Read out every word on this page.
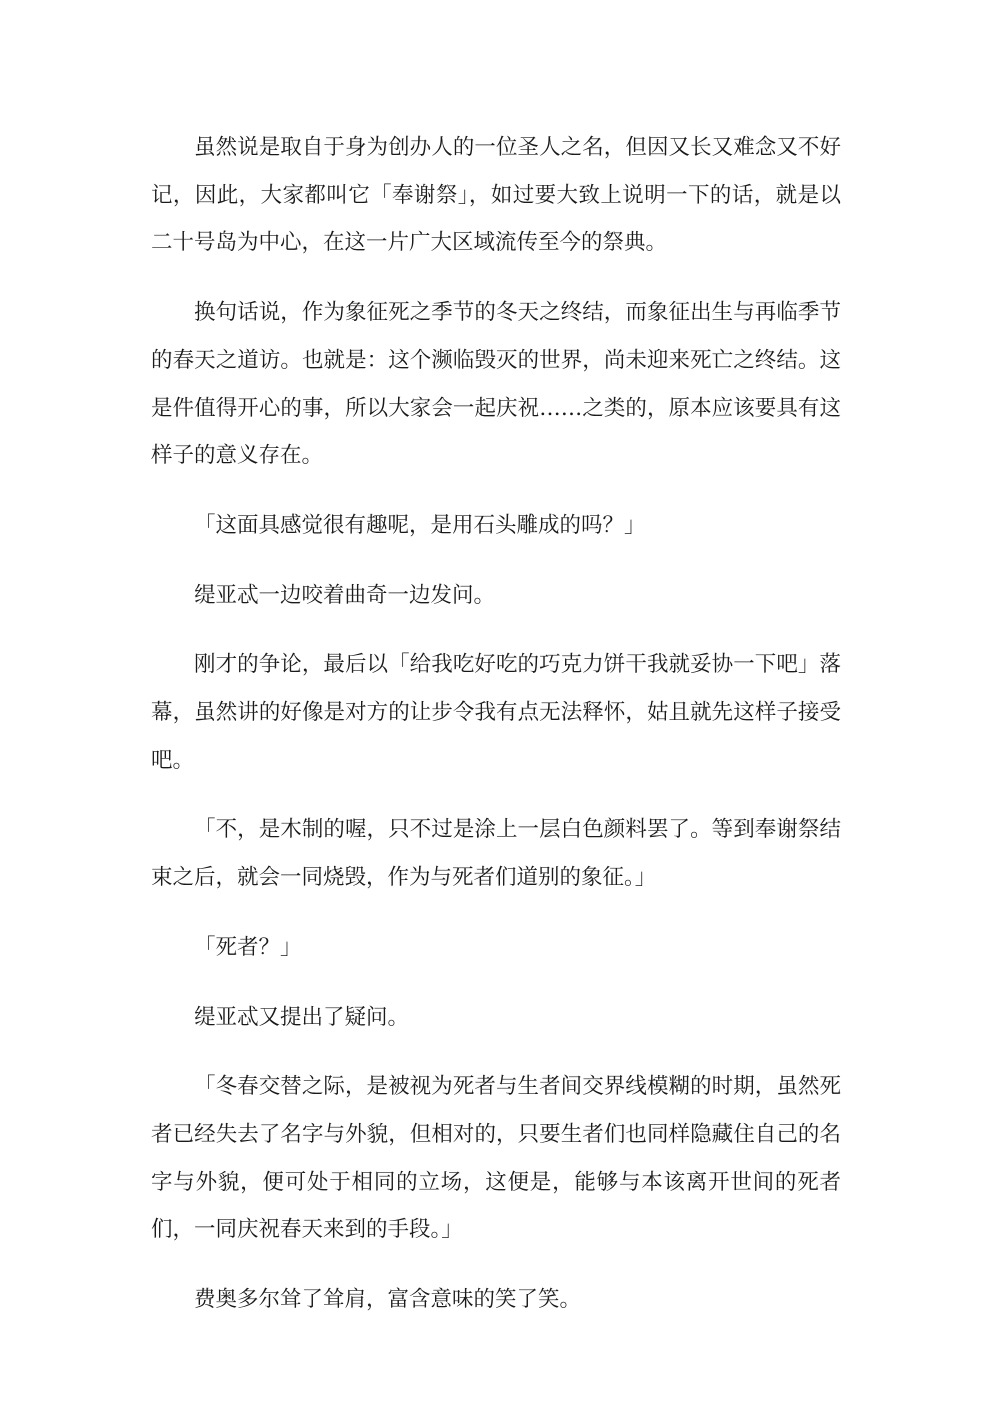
虽然说是取自于身为创办人的一位圣人之名，但因又长又难念又不好记，因此，大家都叫它「奉谢祭」，如过要大致上说明一下的话，就是以二十号岛为中心，在这一片广大区域流传至今的祭典。

换句话说，作为象征死之季节的冬天之终结，而象征出生与再临季节的春天之道访。也就是：这个濒临毁灭的世界，尚未迎来死亡之终结。这是件值得开心的事，所以大家会一起庆祝……之类的，原本应该要具有这样子的意义存在。

「这面具感觉很有趣呢，是用石头雕成的吗？」

缇亚忒一边咬着曲奇一边发问。

刚才的争论，最后以「给我吃好吃的巧克力饼干我就妥协一下吧」落幕，虽然讲的好像是对方的让步令我有点无法释怀，姑且就先这样子接受吧。

「不，是木制的喔，只不过是涂上一层白色颜料罢了。等到奉谢祭结束之后，就会一同烧毁，作为与死者们道别的象征。」

「死者？」

缇亚忒又提出了疑问。

「冬春交替之际，是被视为死者与生者间交界线模糊的时期，虽然死者已经失去了名字与外貌，但相对的，只要生者们也同样隐藏住自己的名字与外貌，便可处于相同的立场，这便是，能够与本该离开世间的死者们，一同庆祝春天来到的手段。」

费奥多尔耸了耸肩，富含意味的笑了笑。
